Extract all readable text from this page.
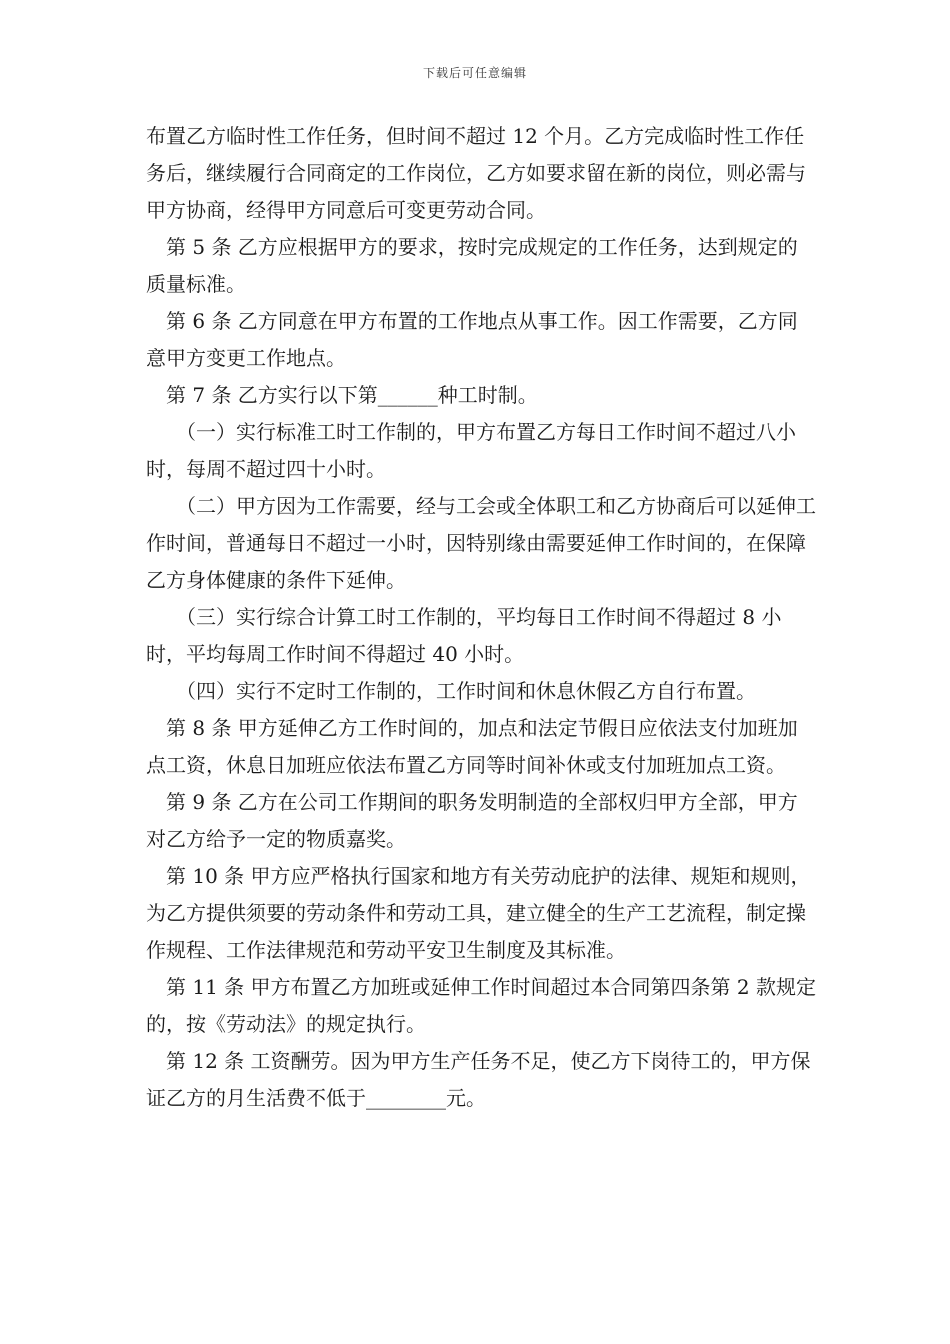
下载后可任意编辑

布置乙方临时性工作任务，但时间不超过 12 个月。乙方完成临时性工作任务后，继续履行合同商定的工作岗位，乙方如要求留在新的岗位，则必需与甲方协商，经得甲方同意后可变更劳动合同。

第 5 条 乙方应根据甲方的要求，按时完成规定的工作任务，达到规定的质量标准。

第 6 条 乙方同意在甲方布置的工作地点从事工作。因工作需要，乙方同意甲方变更工作地点。

第 7 条 乙方实行以下第______种工时制。

（一）实行标准工时工作制的，甲方布置乙方每日工作时间不超过八小时，每周不超过四十小时。

（二）甲方因为工作需要，经与工会或全体职工和乙方协商后可以延伸工作时间，普通每日不超过一小时，因特别缘由需要延伸工作时间的，在保障乙方身体健康的条件下延伸。

（三）实行综合计算工时工作制的，平均每日工作时间不得超过 8 小时，平均每周工作时间不得超过 40 小时。

（四）实行不定时工作制的，工作时间和休息休假乙方自行布置。

第 8 条 甲方延伸乙方工作时间的，加点和法定节假日应依法支付加班加点工资，休息日加班应依法布置乙方同等时间补休或支付加班加点工资。

第 9 条 乙方在公司工作期间的职务发明制造的全部权归甲方全部，甲方对乙方给予一定的物质嘉奖。

第 10 条 甲方应严格执行国家和地方有关劳动庇护的法律、规矩和规则，为乙方提供须要的劳动条件和劳动工具，建立健全的生产工艺流程，制定操作规程、工作法律规范和劳动平安卫生制度及其标准。

第 11 条 甲方布置乙方加班或延伸工作时间超过本合同第四条第 2 款规定的，按《劳动法》的规定执行。

第 12 条 工资酬劳。因为甲方生产任务不足，使乙方下岗待工的，甲方保证乙方的月生活费不低于________元。
